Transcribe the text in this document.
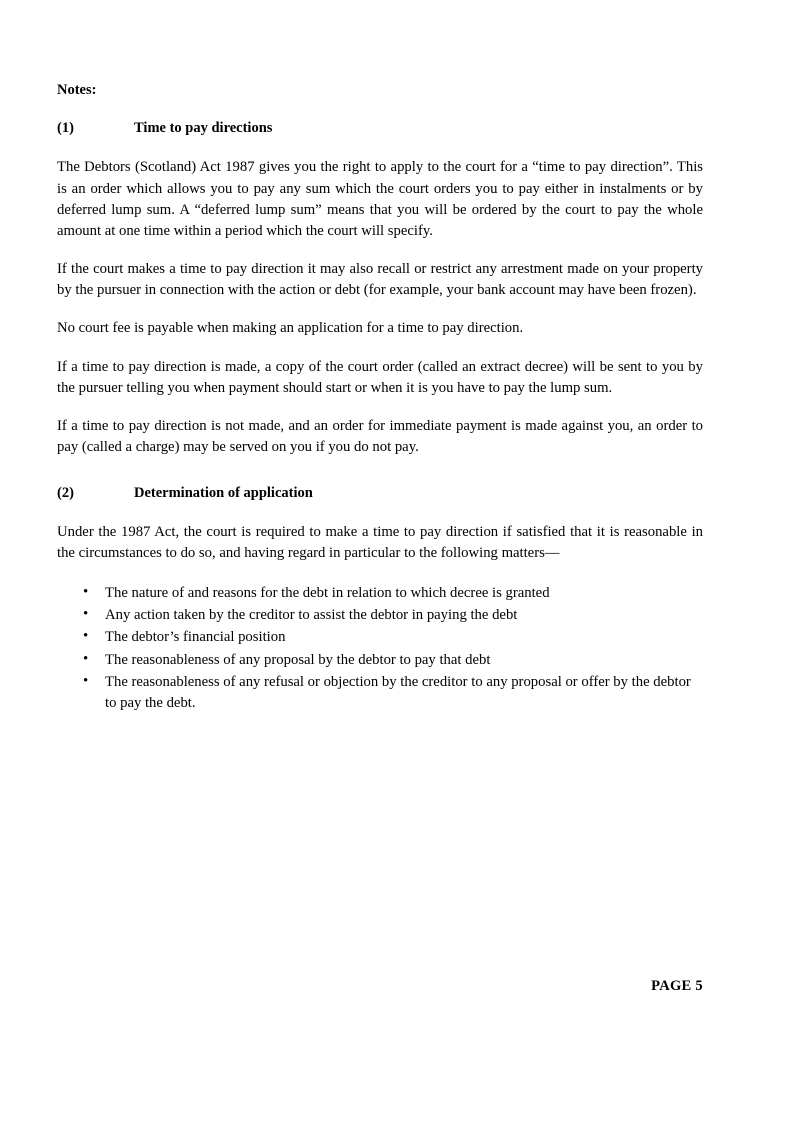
Notes:
(1)	Time to pay directions

The Debtors (Scotland) Act 1987 gives you the right to apply to the court for a “time to pay direction”. This is an order which allows you to pay any sum which the court orders you to pay either in instalments or by deferred lump sum. A “deferred lump sum” means that you will be ordered by the court to pay the whole amount at one time within a period which the court will specify.

If the court makes a time to pay direction it may also recall or restrict any arrestment made on your property by the pursuer in connection with the action or debt (for example, your bank account may have been frozen).

No court fee is payable when making an application for a time to pay direction.

If a time to pay direction is made, a copy of the court order (called an extract decree) will be sent to you by the pursuer telling you when payment should start or when it is you have to pay the lump sum.

If a time to pay direction is not made, and an order for immediate payment is made against you, an order to pay (called a charge) may be served on you if you do not pay.

(2)	Determination of application

Under the 1987 Act, the court is required to make a time to pay direction if satisfied that it is reasonable in the circumstances to do so, and having regard in particular to the following matters—

• The nature of and reasons for the debt in relation to which decree is granted
• Any action taken by the creditor to assist the debtor in paying the debt
• The debtor’s financial position
• The reasonableness of any proposal by the debtor to pay that debt
• The reasonableness of any refusal or objection by the creditor to any proposal or offer by the debtor to pay the debt.
PAGE 5
